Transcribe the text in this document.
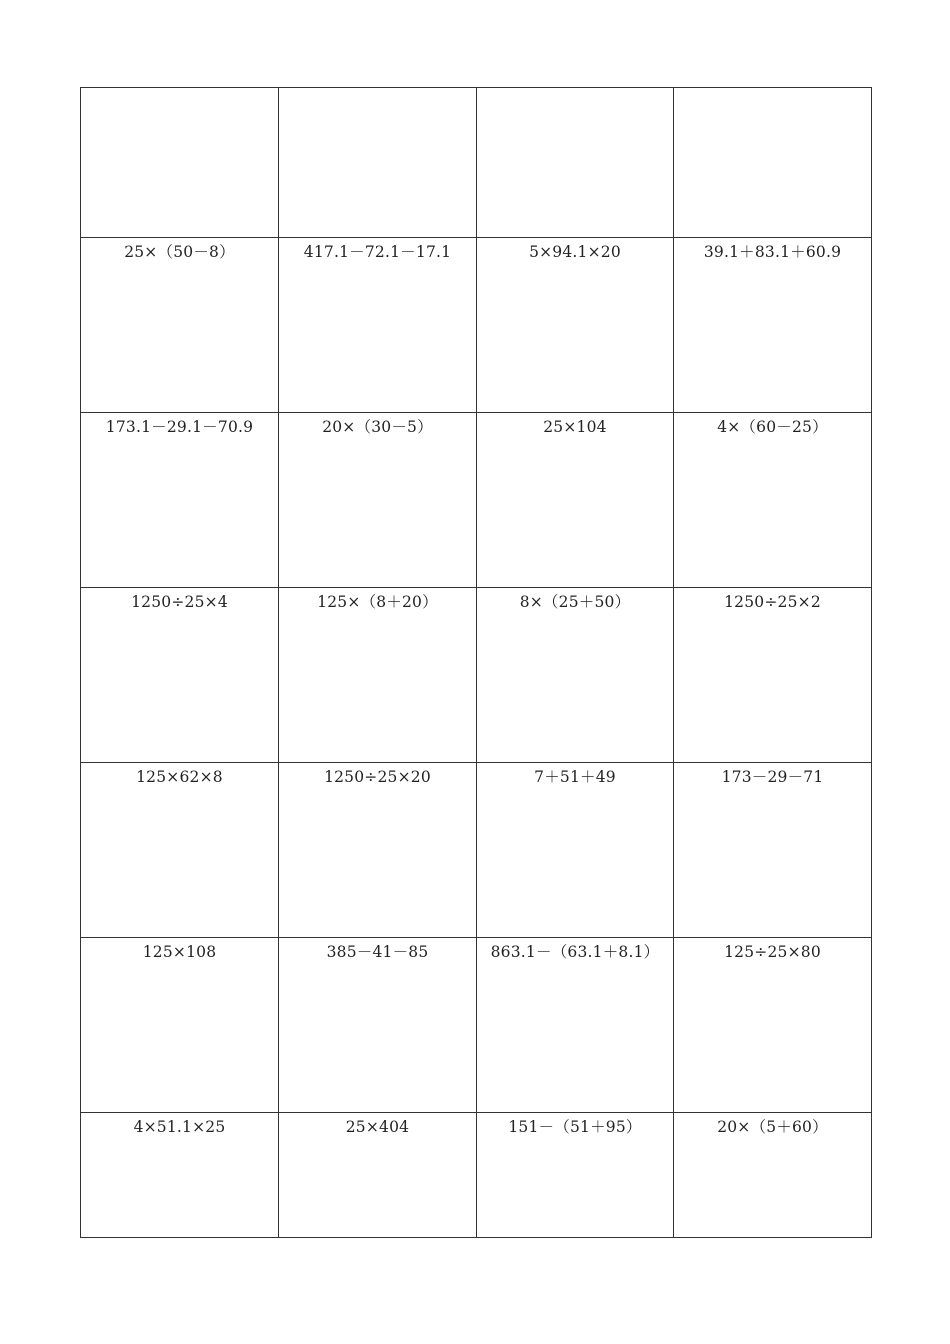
25×（50－8）	417.1－72.1－17.1	5×94.1×20	39.1＋83.1＋60.9

173.1－29.1－70.9	20×（30－5）	25×104	4×（60－25）

1250÷25×4	125×（8＋20）	8×（25＋50）	1250÷25×2

125×62×8	1250÷25×20	7＋51＋49	173－29－71

125×108	385－41－85	863.1－（63.1＋8.1）	125÷25×80

4×51.1×25	25×404	151－（51＋95）	20×（5＋60）
